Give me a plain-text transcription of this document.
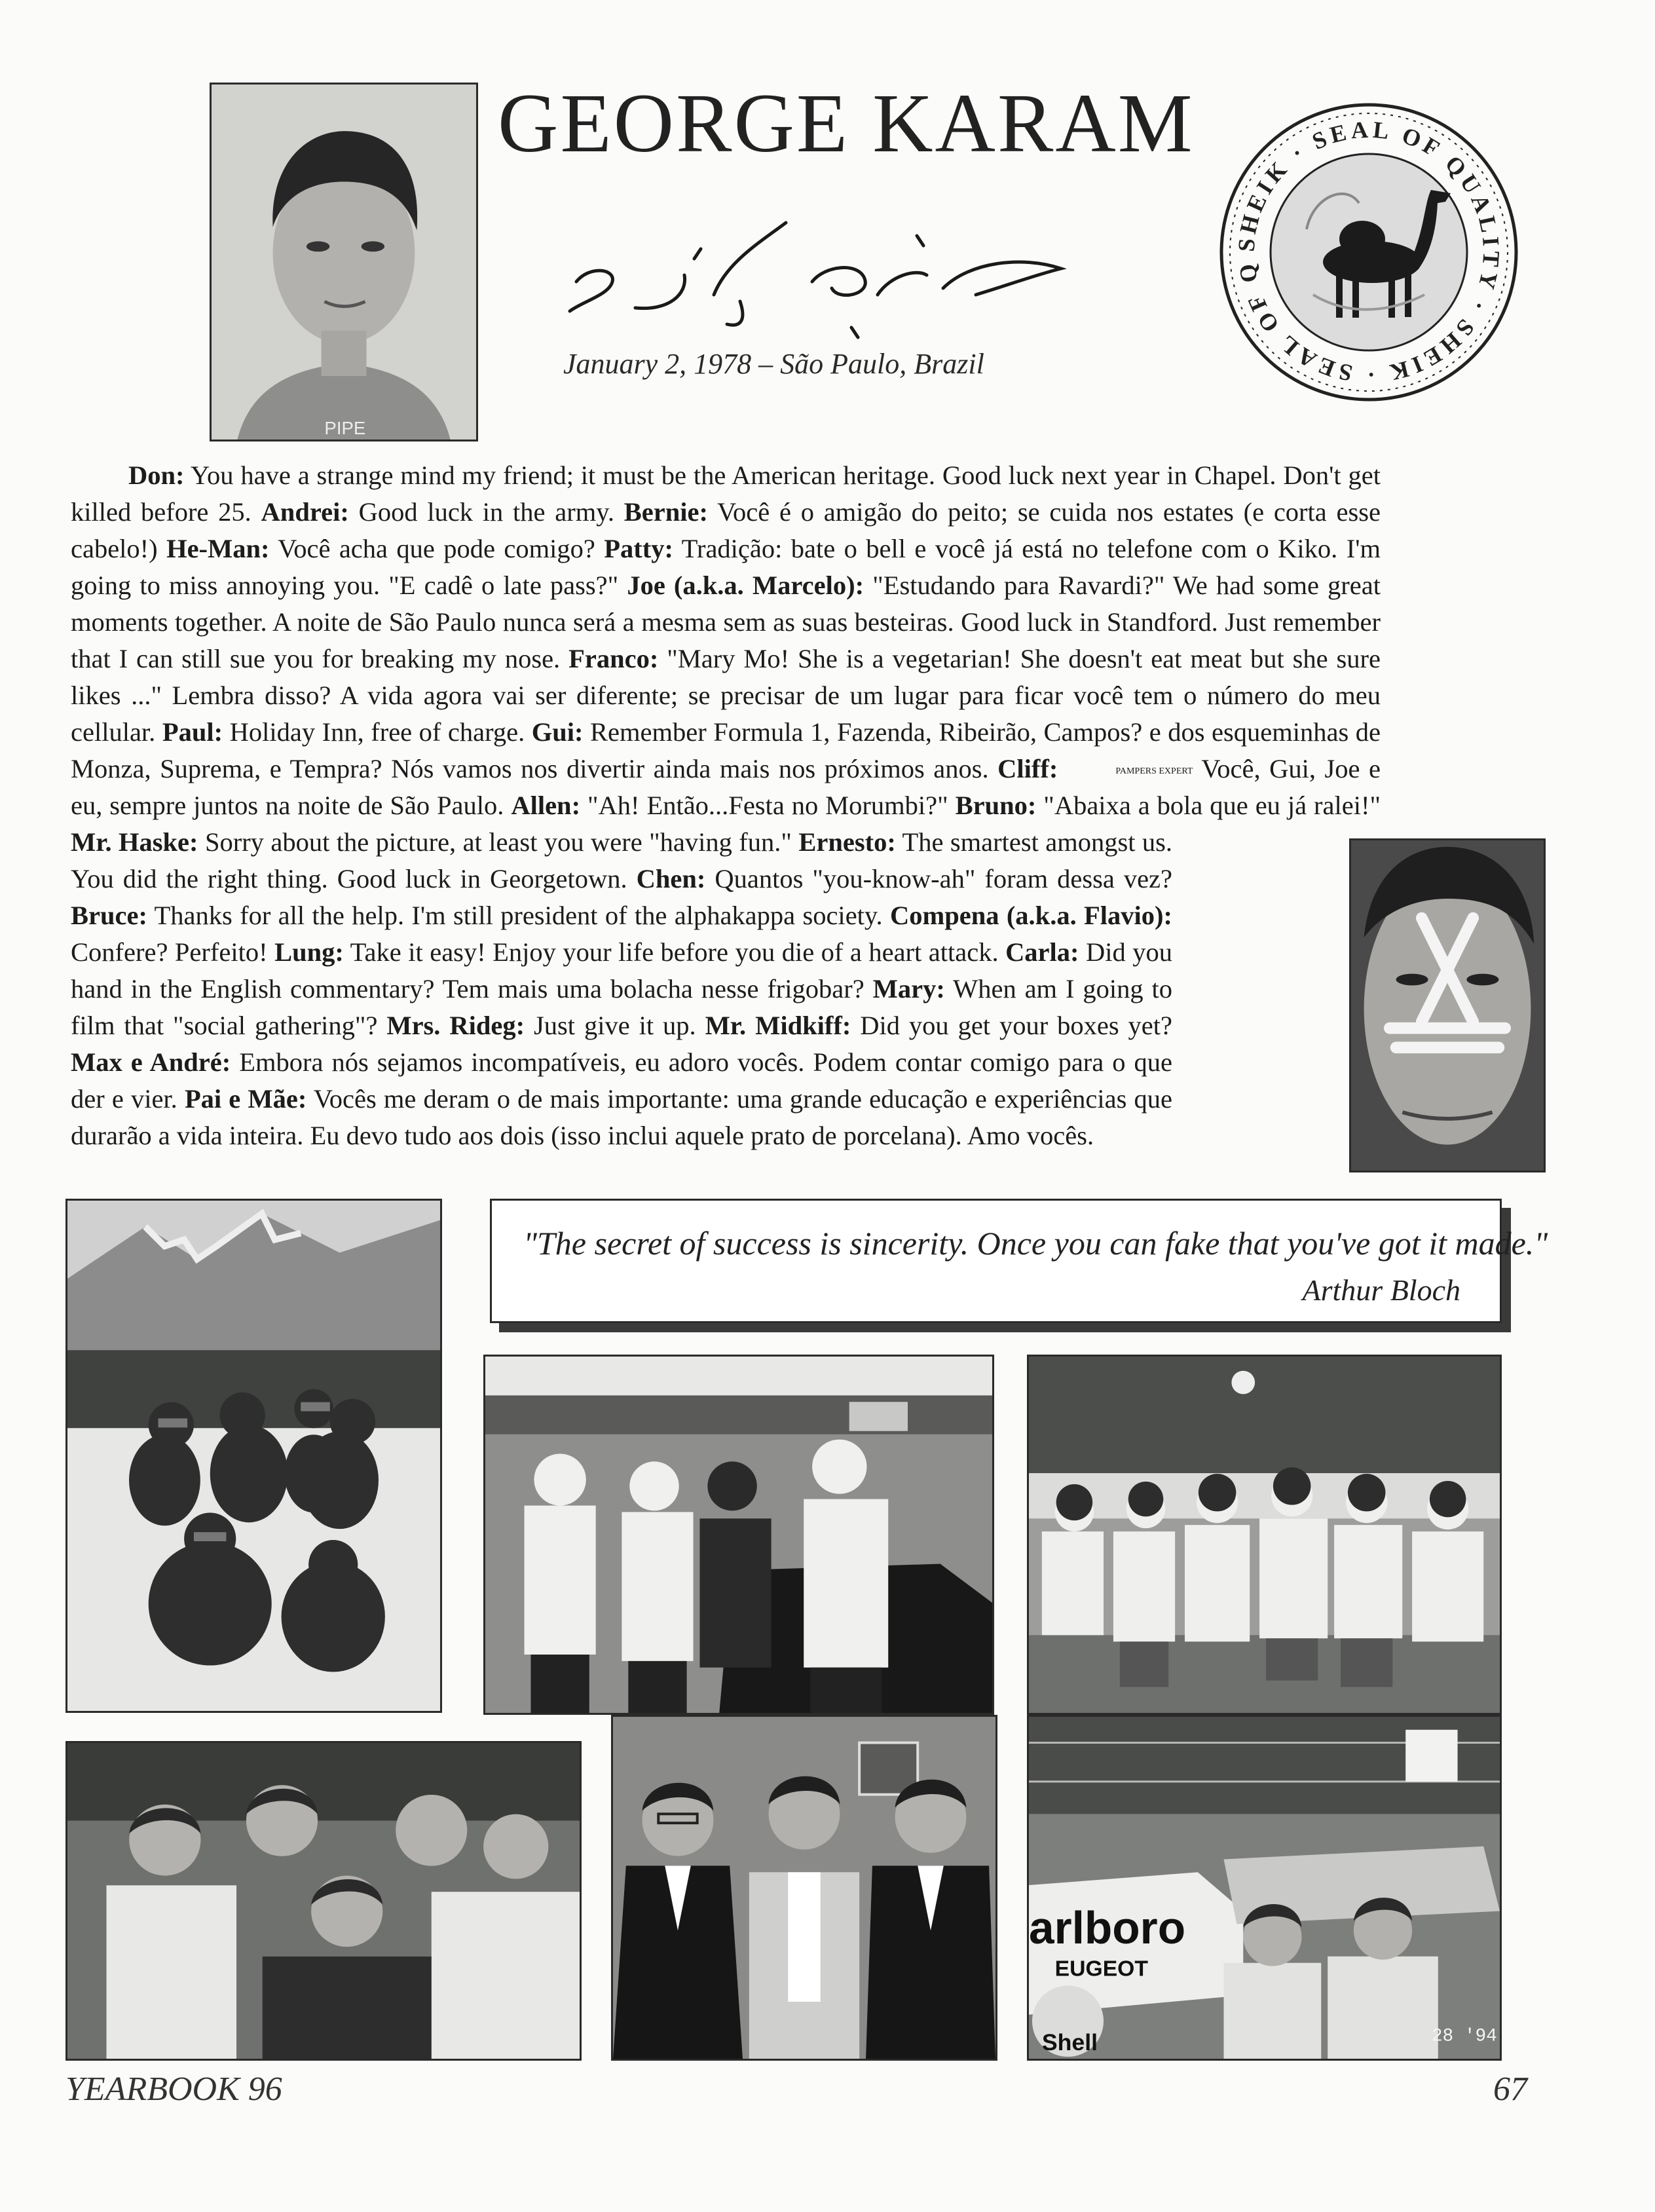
PIPE
GEORGE KARAM
January 2, 1978 – São Paulo, Brazil
SHEIK · SEAL OF QUALITY · SHEIK · SEAL OF Q
Don: You have a strange mind my friend; it must be the American heritage. Good luck next year in Chapel. Don't get killed before 25. Andrei: Good luck in the army. Bernie: Você é o amigão do peito; se cuida nos estates (e corta esse cabelo!) He-Man: Você acha que pode comigo? Patty: Tradição: bate o bell e você já está no telefone com o Kiko. I'm going to miss annoying you. "E cadê o late pass?" Joe (a.k.a. Marcelo): "Estudando para Ravardi?" We had some great moments together. A noite de São Paulo nunca será a mesma sem as suas besteiras. Good luck in Standford. Just remember that I can still sue you for breaking my nose. Franco: "Mary Mo! She is a vegetarian! She doesn't eat meat but she sure likes ..." Lembra disso? A vida agora vai ser diferente; se precisar de um lugar para ficar você tem o número do meu cellular. Paul: Holiday Inn, free of charge. Gui: Remember Formula 1, Fazenda, Ribeirão, Campos? e dos esqueminhas de Monza, Suprema, e Tempra? Nós vamos nos divertir ainda mais nos próximos anos. Cliff:	PAMPERS EXPERT Você, Gui, Joe e eu, sempre juntos na noite de São Paulo. Allen: "Ah! Então...Festa no Morumbi?" Bruno: "Abaixa a bola que eu já ralei!" Mr. Haske: Sorry about the picture, at least you were "having fun." Ernesto: The smartest amongst us. You did the right thing. Good luck in Georgetown. Chen: Quantos "you-know-ah" foram dessa vez? Bruce: Thanks for all the help. I'm still president of the alphakappa society. Compena (a.k.a. Flavio): Confere? Perfeito! Lung: Take it easy! Enjoy your life before you die of a heart attack. Carla: Did you hand in the English commentary? Tem mais uma bolacha nesse frigobar? Mary: When am I going to film that "social gathering"? Mrs. Rideg: Just give it up. Mr. Midkiff: Did you get your boxes yet? Max e André: Embora nós sejamos incompatíveis, eu adoro vocês. Podem contar comigo para o que der e vier. Pai e Mãe: Vocês me deram o de mais importante: uma grande educação e experiências que durarão a vida inteira. Eu devo tudo aos dois (isso inclui aquele prato de porcelana). Amo vocês.
"The secret of success is sincerity. Once you can fake that you've got it made."
Arthur Bloch
arlboro
EUGEOT
Shell	28 '94
YEARBOOK 96	67
